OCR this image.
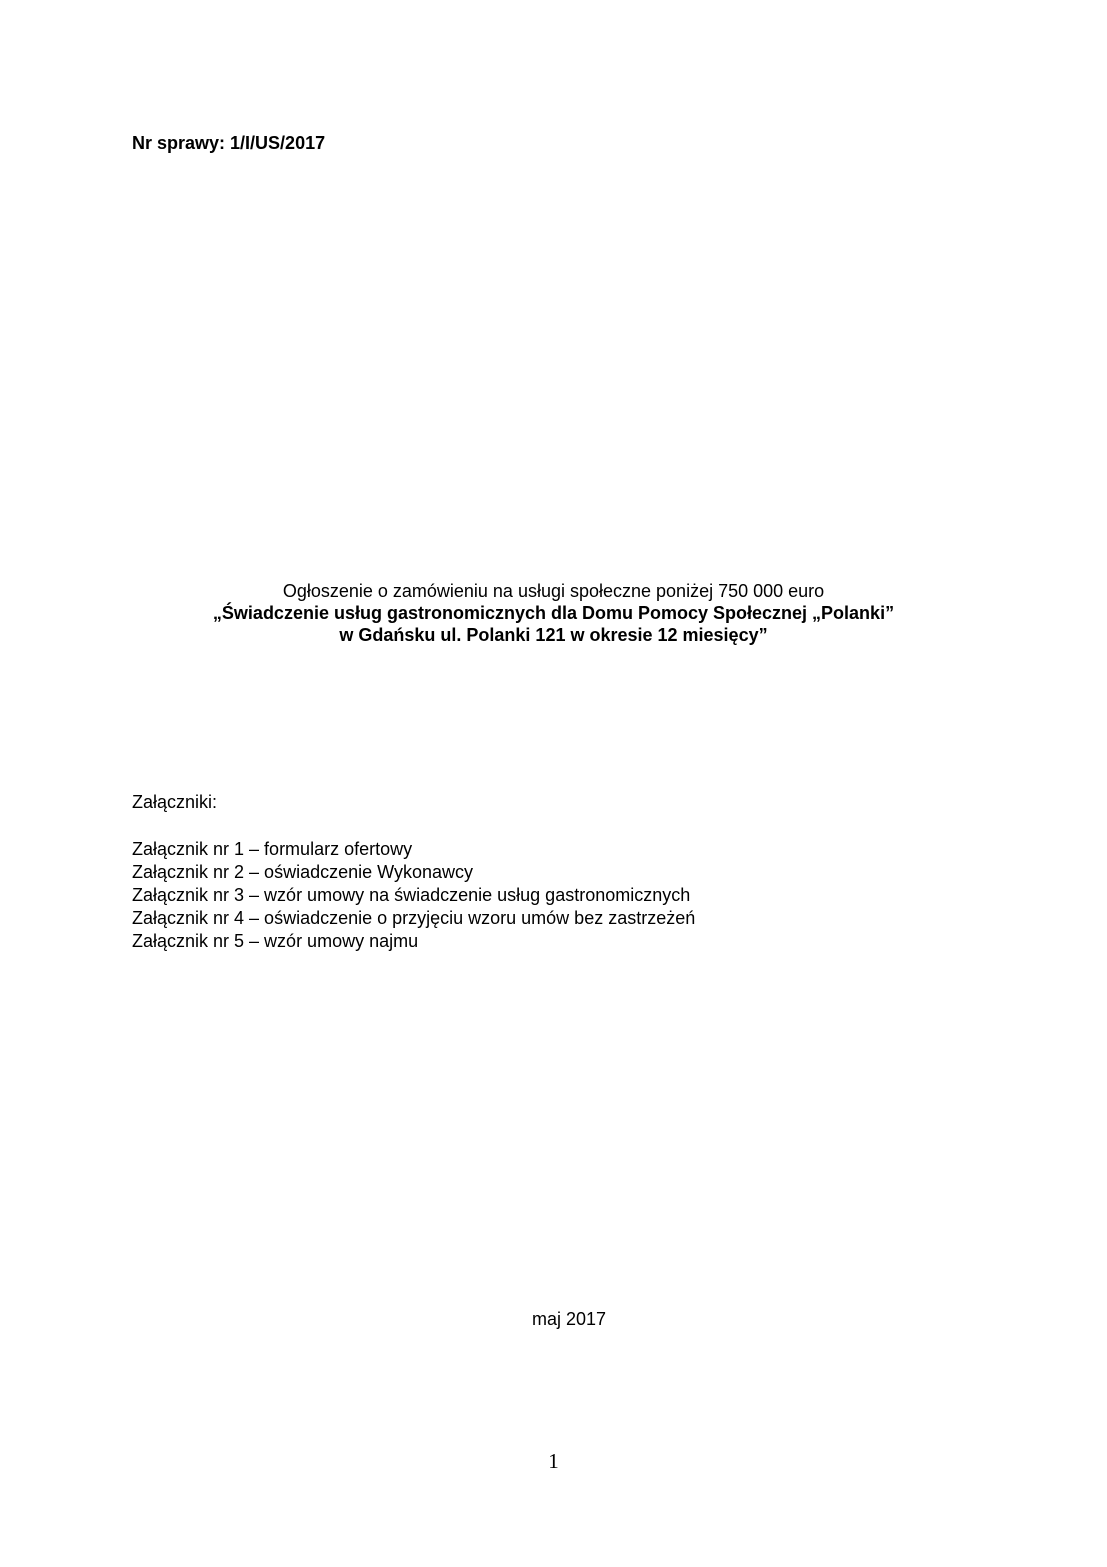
Nr sprawy: 1/I/US/2017
Ogłoszenie o zamówieniu na usługi społeczne poniżej 750 000 euro
„Świadczenie usług gastronomicznych dla Domu Pomocy Społecznej „Polanki”
w Gdańsku ul. Polanki 121 w okresie 12 miesięcy”
Załączniki:
Załącznik nr 1 – formularz ofertowy
Załącznik nr 2 – oświadczenie Wykonawcy
Załącznik nr 3 – wzór umowy na świadczenie usług gastronomicznych
Załącznik nr 4 – oświadczenie o przyjęciu wzoru umów bez zastrzeżeń
Załącznik nr 5 – wzór umowy najmu
maj 2017
1
